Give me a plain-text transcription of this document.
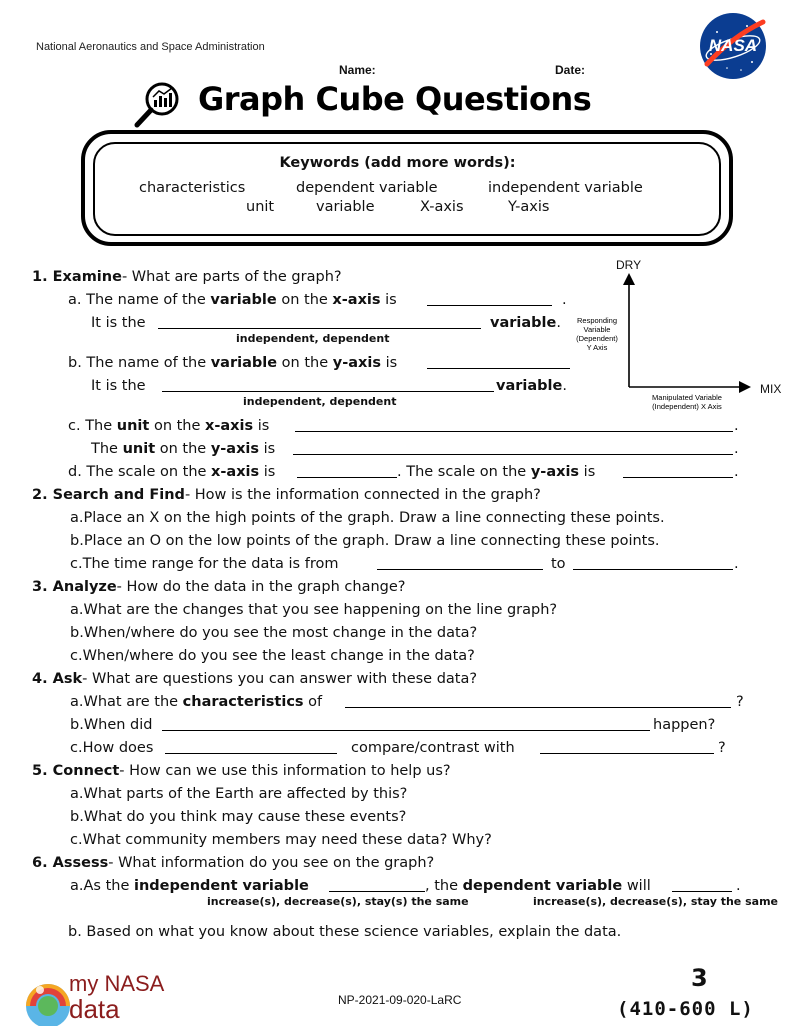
National Aeronautics and Space Administration	NASA
Name:	Date:
Graph Cube Questions
Keywords (add more words):
characteristics	dependent variable	independent variable
unit	variable	X-axis	Y-axis
DRY
MIX
Responding
Variable
(Dependent)
Y Axis
Manipulated Variable
(Independent) X Axis
1. Examine- What are parts of the graph?
a. The name of the variable on the x-axis is	.
It is the	variable.
independent, dependent
b. The name of the variable on the y-axis is
It is the	variable.
independent, dependent
c. The unit on the x-axis is	.
The unit on the y-axis is	.
d. The scale on the x-axis is	. The scale on the y-axis is	.
2. Search and Find- How is the information connected in the graph?
a.Place an X on the high points of the graph. Draw a line connecting these points.
b.Place an O on the low points of the graph. Draw a line connecting these points.
c.The time range for the data is from	to	.
3. Analyze- How do the data in the graph change?
a.What are the changes that you see happening on the line graph?
b.When/where do you see the most change in the data?
c.When/where do you see the least change in the data?
4. Ask- What are questions you can answer with these data?
a.What are the characteristics of	?
b.When did	happen?
c.How does	compare/contrast with	?
5. Connect- How can we use this information to help us?
a.What parts of the Earth are affected by this?
b.What do you think may cause these events?
c.What community members may need these data? Why?
6. Assess- What information do you see on the graph?
a.As the independent variable	, the dependent variable will	.
increase(s), decrease(s), stay(s) the same	increase(s), decrease(s), stay the same
b. Based on what you know about these science variables, explain the data.
my NASA
data	NP-2021-09-020-LaRC
3
(410-600 L)
